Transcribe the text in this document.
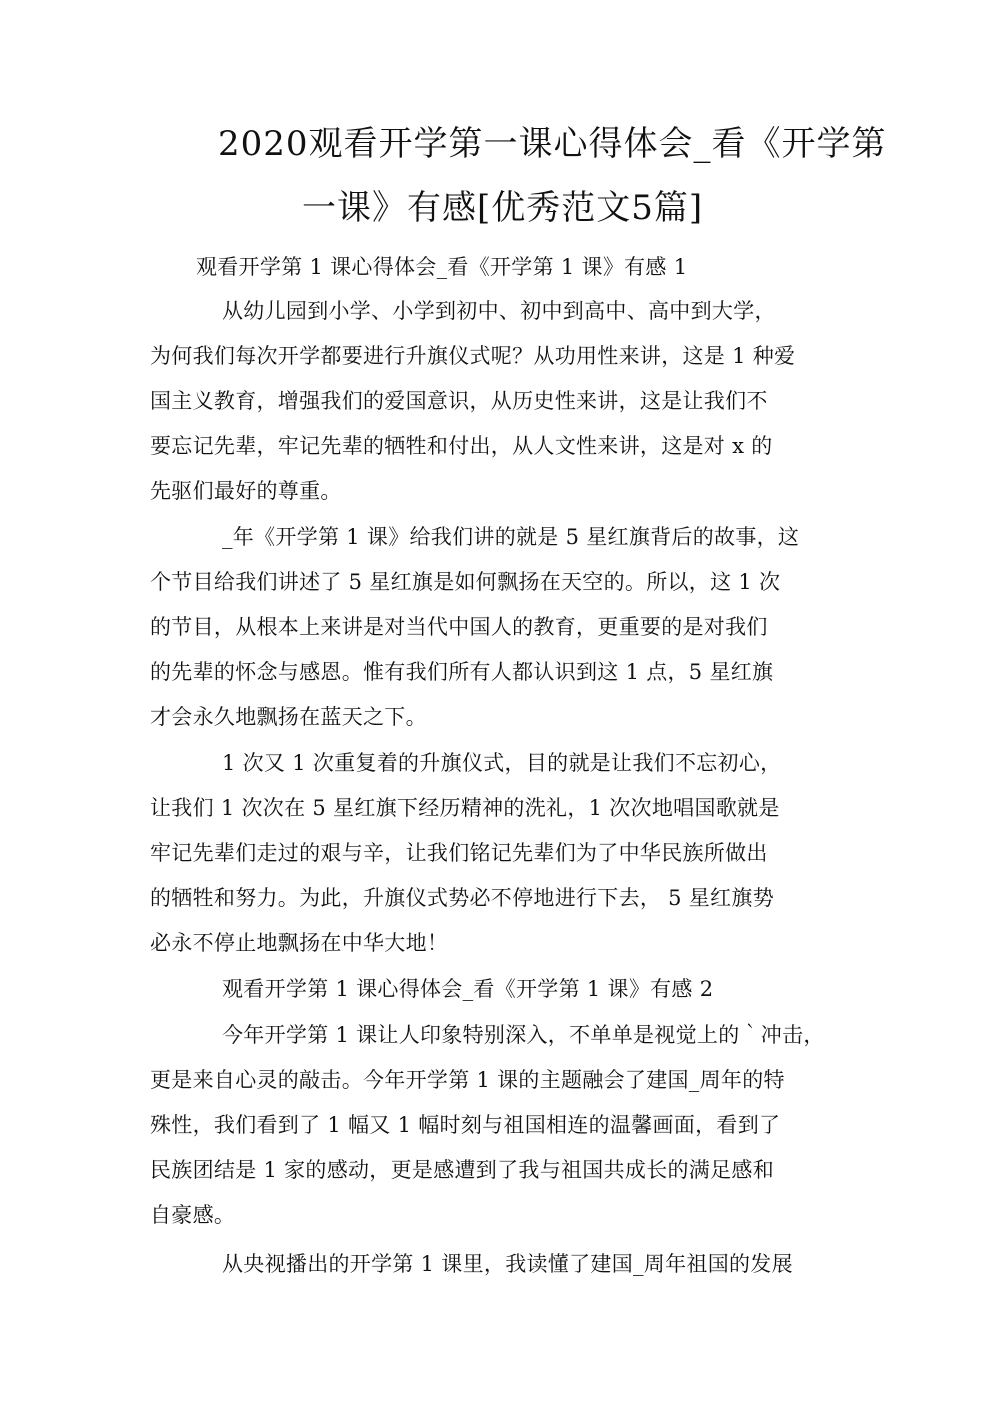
2020观看开学第一课心得体会_看《开学第
一课》有感[优秀范文5篇]
观看开学第 1 课心得体会_看《开学第 1 课》有感 1
从幼儿园到小学、小学到初中、初中到高中、高中到大学，
为何我们每次开学都要进行升旗仪式呢？从功用性来讲，这是 1 种爱
国主义教育，增强我们的爱国意识，从历史性来讲，这是让我们不
要忘记先辈，牢记先辈的牺牲和付出，从人文性来讲，这是对 x 的
先驱们最好的尊重。
_年《开学第 1 课》给我们讲的就是 5 星红旗背后的故事，这
个节目给我们讲述了 5 星红旗是如何飘扬在天空的。所以，这 1 次
的节目，从根本上来讲是对当代中国人的教育，更重要的是对我们
的先辈的怀念与感恩。惟有我们所有人都认识到这 1 点，5 星红旗
才会永久地飘扬在蓝天之下。
1 次又 1 次重复着的升旗仪式，目的就是让我们不忘初心，
让我们 1 次次在 5 星红旗下经历精神的洗礼，1 次次地唱国歌就是
牢记先辈们走过的艰与辛，让我们铭记先辈们为了中华民族所做出
的牺牲和努力。为此，升旗仪式势必不停地进行下去， 5 星红旗势
必永不停止地飘扬在中华大地！
观看开学第 1 课心得体会_看《开学第 1 课》有感 2
今年开学第 1 课让人印象特别深入，不单单是视觉上的｀冲击，
更是来自心灵的敲击。今年开学第 1 课的主题融会了建国_周年的特
殊性，我们看到了 1 幅又 1 幅时刻与祖国相连的温馨画面，看到了
民族团结是 1 家的感动，更是感遭到了我与祖国共成长的满足感和
自豪感。
从央视播出的开学第 1 课里，我读懂了建国_周年祖国的发展
